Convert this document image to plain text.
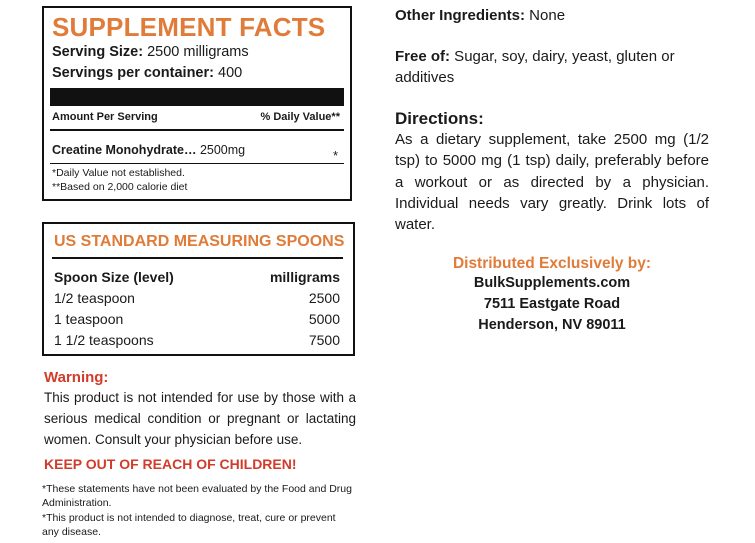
SUPPLEMENT FACTS
Serving Size: 2500 milligrams
Servings per container: 400
Amount Per Serving	% Daily Value**
Creatine Monohydrate… 2500mg	*
*Daily Value not established.
**Based on 2,000 calorie diet
US STANDARD MEASURING SPOONS
Spoon Size (level)	milligrams
1/2 teaspoon	2500
1 teaspoon	5000
1 1/2 teaspoons	7500
Warning:
This product is not intended for use by those with a
serious medical condition or pregnant or lactating
women. Consult your physician before use.
KEEP OUT OF REACH OF CHILDREN!
*These statements have not been evaluated by the Food and Drug
Administration.
*This product is not intended to diagnose, treat, cure or prevent
any disease.
Other Ingredients: None
Free of: Sugar, soy, dairy, yeast, gluten or
additives
Directions:
As a dietary supplement, take 2500 mg (1/2
tsp) to 5000 mg (1 tsp) daily, preferably before
a workout or as directed by a physician.
Individual needs vary greatly. Drink lots of
water.
Distributed Exclusively by:
BulkSupplements.com
7511 Eastgate Road
Henderson, NV 89011
